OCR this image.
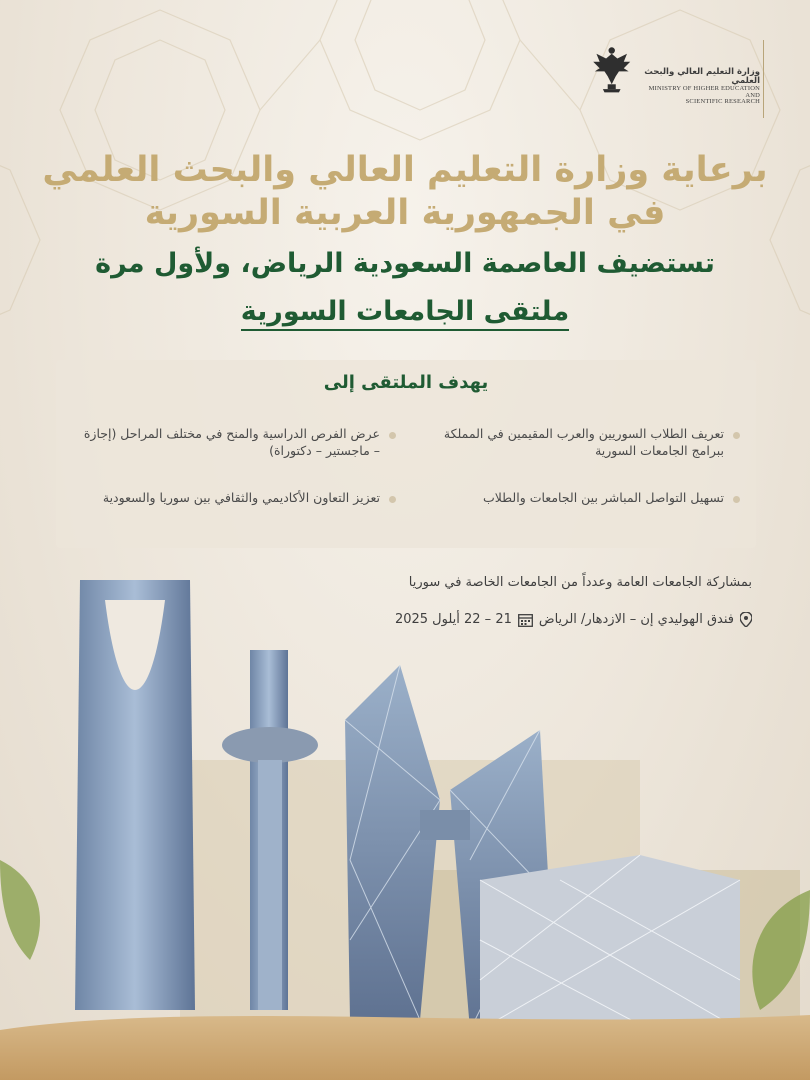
وزارة التعليم العالي والبحث العلمي
MINISTRY OF HIGHER EDUCATION AND
SCIENTIFIC RESEARCH
برعاية وزارة التعليم العالي والبحث العلمي
في الجمهورية العربية السورية
تستضيف العاصمة السعودية الرياض، ولأول مرة
ملتقى الجامعات السورية
يهدف الملتقى إلى
تعريف الطلاب السوريين والعرب المقيمين في المملكة ببرامج الجامعات السورية
عرض الفرص الدراسية والمنح في مختلف المراحل (إجازة – ماجستير – دكتوراة)
تسهيل التواصل المباشر بين الجامعات والطلاب
تعزيز التعاون الأكاديمي والثقافي بين سوريا والسعودية
بمشاركة الجامعات العامة وعدداً من الجامعات الخاصة في سوريا
فندق الهوليدي إن – الازدهار/ الرياض
21 – 22 أيلول 2025
